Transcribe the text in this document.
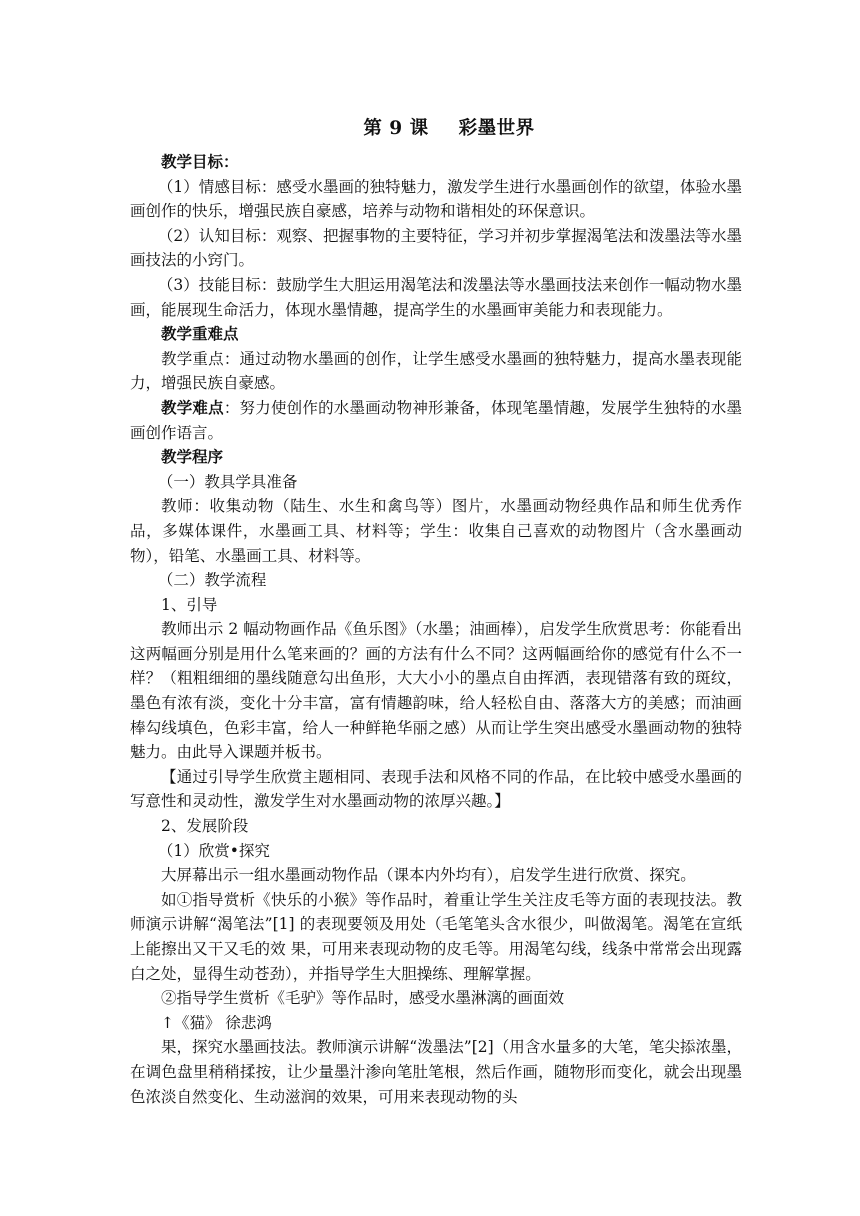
第 9 课 彩墨世界

教学目标：

（1）情感目标：感受水墨画的独特魅力，激发学生进行水墨画创作的欲望，体验水墨画创作的快乐，增强民族自豪感，培养与动物和谐相处的环保意识。

（2）认知目标：观察、把握事物的主要特征，学习并初步掌握渴笔法和泼墨法等水墨画技法的小窍门。

（3）技能目标：鼓励学生大胆运用渴笔法和泼墨法等水墨画技法来创作一幅动物水墨画，能展现生命活力，体现水墨情趣，提高学生的水墨画审美能力和表现能力。

教学重难点

教学重点：通过动物水墨画的创作，让学生感受水墨画的独特魅力，提高水墨表现能力，增强民族自豪感。

教学难点：努力使创作的水墨画动物神形兼备，体现笔墨情趣，发展学生独特的水墨画创作语言。

教学程序

（一）教具学具准备

教师：收集动物（陆生、水生和禽鸟等）图片，水墨画动物经典作品和师生优秀作品，多媒体课件，水墨画工具、材料等；学生：收集自己喜欢的动物图片（含水墨画动物），铅笔、水墨画工具、材料等。

（二）教学流程

1、引导

教师出示 2 幅动物画作品《鱼乐图》（水墨；油画棒），启发学生欣赏思考：你能看出这两幅画分别是用什么笔来画的？画的方法有什么不同？这两幅画给你的感觉有什么不一样？（粗粗细细的墨线随意勾出鱼形，大大小小的墨点自由挥洒，表现错落有致的斑纹，墨色有浓有淡，变化十分丰富，富有情趣韵味，给人轻松自由、落落大方的美感；而油画棒勾线填色，色彩丰富，给人一种鲜艳华丽之感）从而让学生突出感受水墨画动物的独特魅力。由此导入课题并板书。

【通过引导学生欣赏主题相同、表现手法和风格不同的作品，在比较中感受水墨画的写意性和灵动性，激发学生对水墨画动物的浓厚兴趣。】

2、发展阶段

（1）欣赏•探究

大屏幕出示一组水墨画动物作品（课本内外均有），启发学生进行欣赏、探究。

如①指导赏析《快乐的小猴》等作品时，着重让学生关注皮毛等方面的表现技法。教师演示讲解“渴笔法”[1] 的表现要领及用处（毛笔笔头含水很少，叫做渴笔。渴笔在宣纸上能擦出又干又毛的效 果，可用来表现动物的皮毛等。用渴笔勾线，线条中常常会出现露白之处，显得生动苍劲），并指导学生大胆操练、理解掌握。

②指导学生赏析《毛驴》等作品时，感受水墨淋漓的画面效

↑《猫》 徐悲鸿

果，探究水墨画技法。教师演示讲解“泼墨法”[2]（用含水量多的大笔，笔尖掭浓墨，在调色盘里稍稍揉按，让少量墨汁渗向笔肚笔根，然后作画，随物形而变化，就会出现墨色浓淡自然变化、生动滋润的效果，可用来表现动物的头
